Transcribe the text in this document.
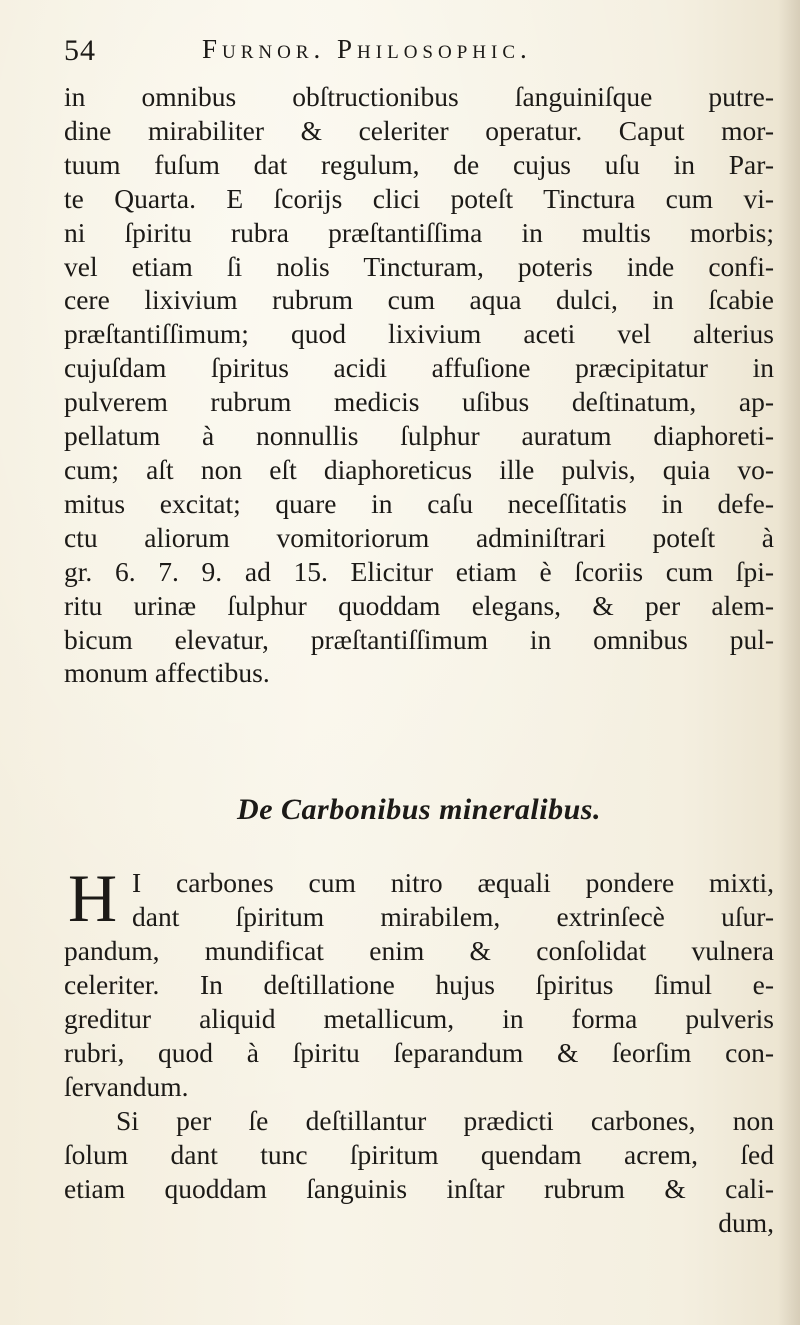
54	Furnor. Philosophic.
in omnibus obſtructionibus ſanguiniſque putre-
dine mirabiliter & celeriter operatur. Caput mor-
tuum fuſum dat regulum, de cujus uſu in Par-
te Quarta. E ſcorijs clici poteſt Tinctura cum vi-
ni ſpiritu rubra præſtantiſſima in multis morbis;
vel etiam ſi nolis Tincturam, poteris inde confi-
cere lixivium rubrum cum aqua dulci, in ſcabie
præſtantiſſimum; quod lixivium aceti vel alterius
cujuſdam ſpiritus acidi affuſione præcipitatur in
pulverem rubrum medicis uſibus deſtinatum, ap-
pellatum à nonnullis ſulphur auratum diaphoreti-
cum; aſt non eſt diaphoreticus ille pulvis, quia vo-
mitus excitat; quare in caſu neceſſitatis in defe-
ctu aliorum vomitoriorum adminiſtrari poteſt à
gr. 6. 7. 9. ad 15. Elicitur etiam è ſcoriis cum ſpi-
ritu urinæ ſulphur quoddam elegans, & per alem-
bicum elevatur, præſtantiſſimum in omnibus pul-
monum affectibus.
De Carbonibus mineralibus.
H I carbones cum nitro æquali pondere mixti,
dant ſpiritum mirabilem, extrinſecè uſur-
pandum, mundificat enim & conſolidat vulnera
celeriter. In deſtillatione hujus ſpiritus ſimul e-
greditur aliquid metallicum, in forma pulveris
rubri, quod à ſpiritu ſeparandum & ſeorſim con-
ſervandum.
Si per ſe deſtillantur prædicti carbones, non
ſolum dant tunc ſpiritum quendam acrem, ſed
etiam quoddam ſanguinis inſtar rubrum & cali-
dum,
